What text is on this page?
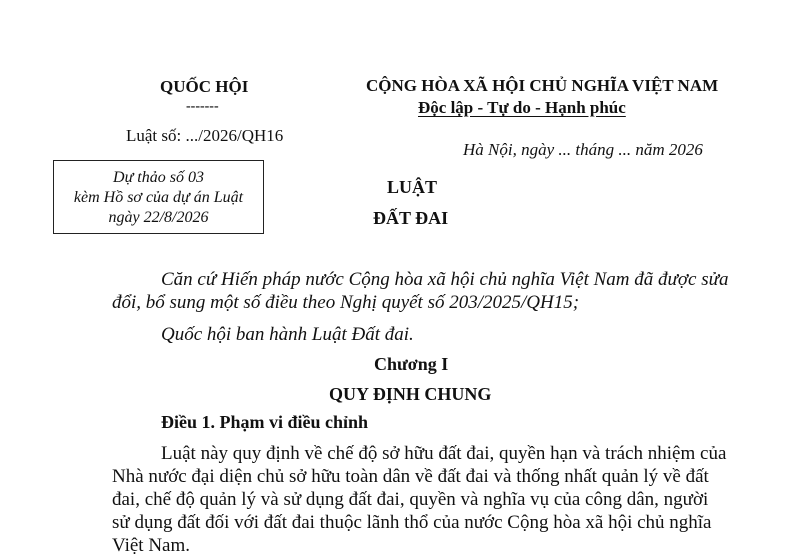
QUỐC HỘI
-------
Luật số: .../2026/QH16
CỘNG HÒA XÃ HỘI CHỦ NGHĨA VIỆT NAM
Độc lập - Tự do - Hạnh phúc
Hà Nội, ngày ... tháng ... năm 2026
Dự thảo số 03
kèm Hồ sơ của dự án Luật
ngày 22/8/2026
LUẬT
ĐẤT ĐAI
Căn cứ Hiến pháp nước Cộng hòa xã hội chủ nghĩa Việt Nam đã được sửa
đổi, bổ sung một số điều theo Nghị quyết số 203/2025/QH15;
Quốc hội ban hành Luật Đất đai.
Chương I
QUY ĐỊNH CHUNG
Điều 1. Phạm vi điều chỉnh
Luật này quy định về chế độ sở hữu đất đai, quyền hạn và trách nhiệm của
Nhà nước đại diện chủ sở hữu toàn dân về đất đai và thống nhất quản lý về đất
đai, chế độ quản lý và sử dụng đất đai, quyền và nghĩa vụ của công dân, người
sử dụng đất đối với đất đai thuộc lãnh thổ của nước Cộng hòa xã hội chủ nghĩa
Việt Nam.
